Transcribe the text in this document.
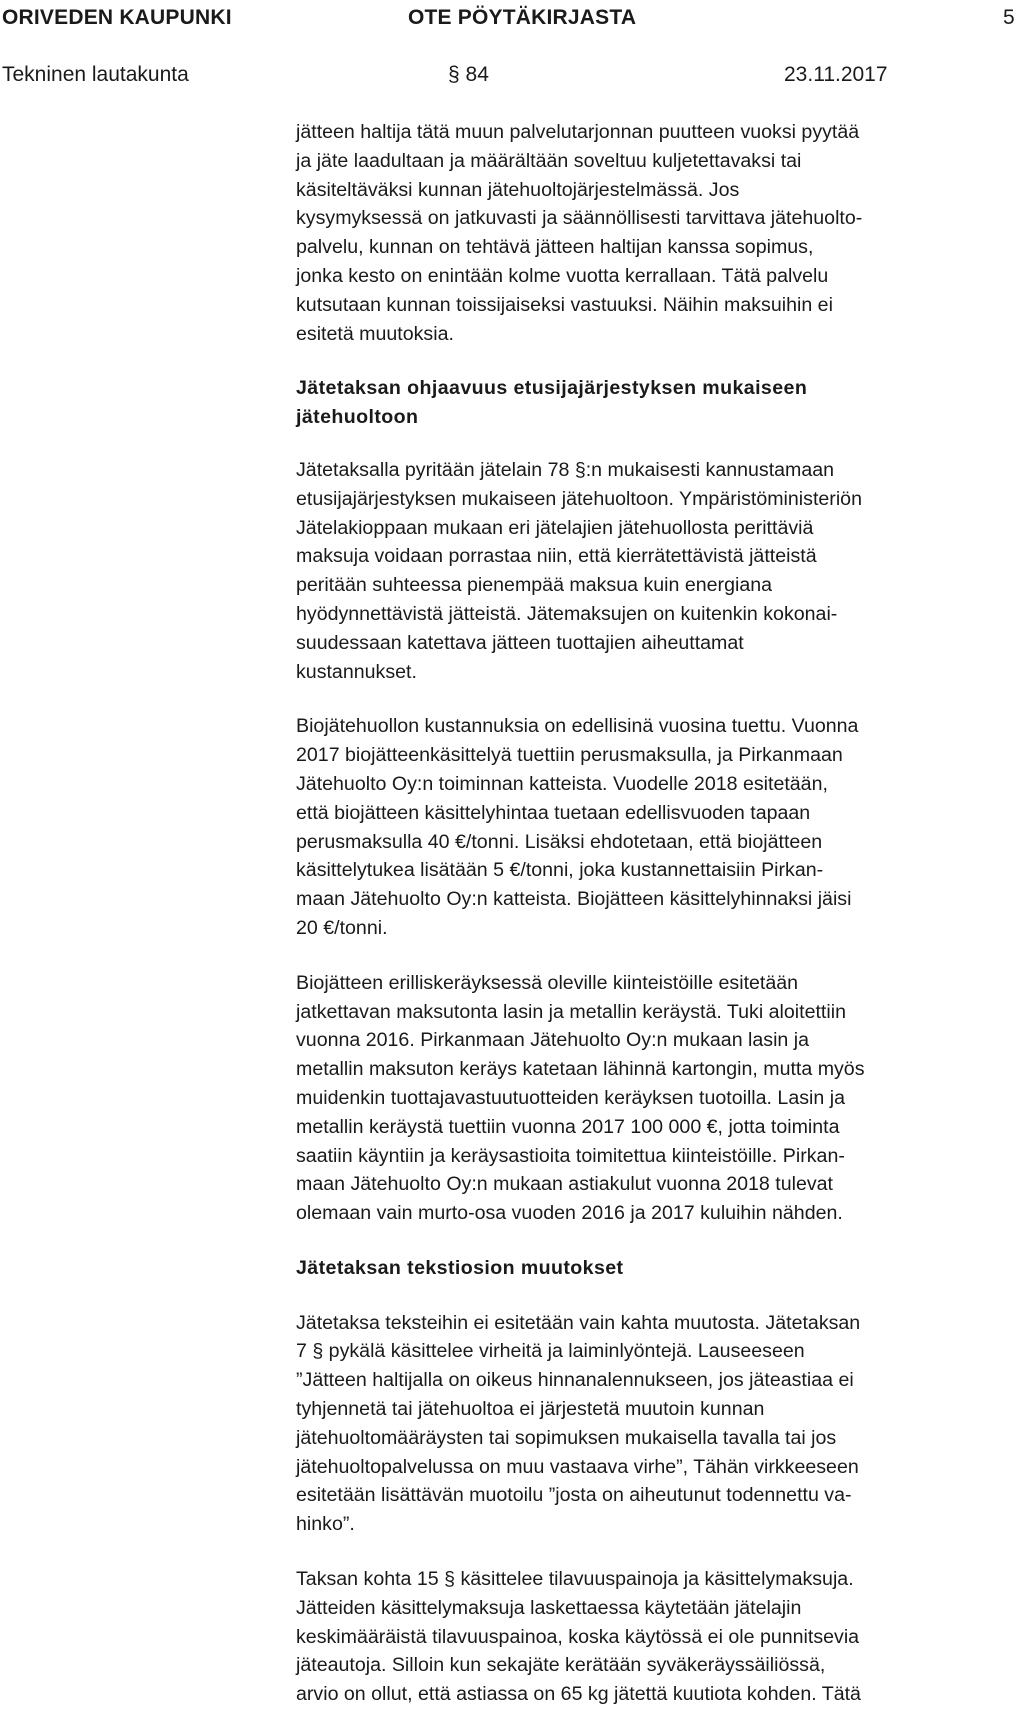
ORIVEDEN KAUPUNKI	OTE PÖYTÄKIRJASTA	5
Tekninen lautakunta	§ 84	23.11.2017

jätteen haltija tätä muun palvelutarjonnan puutteen vuoksi pyytää
ja jäte laadultaan ja määrältään soveltuu kuljetettavaksi tai
käsiteltäväksi kunnan jätehuoltojärjestelmässä. Jos
kysymyksessä on jatkuvasti ja säännöllisesti tarvittava jätehuolto-
palvelu, kunnan on tehtävä jätteen haltijan kanssa sopimus,
jonka kesto on enintään kolme vuotta kerrallaan. Tätä palvelu
kutsutaan kunnan toissijaiseksi vastuuksi. Näihin maksuihin ei
esitetä muutoksia.

Jätetaksan ohjaavuus etusijajärjestyksen mukaiseen
jätehuoltoon

Jätetaksalla pyritään jätelain 78 §:n mukaisesti kannustamaan
etusijajärjestyksen mukaiseen jätehuoltoon. Ympäristöministeriön
Jätelakioppaan mukaan eri jätelajien jätehuollosta perittäviä
maksuja voidaan porrastaa niin, että kierrätettävistä jätteistä
peritään suhteessa pienempää maksua kuin energiana
hyödynnettävistä jätteistä. Jätemaksujen on kuitenkin kokonai-
suudessaan katettava jätteen tuottajien aiheuttamat
kustannukset.

Biojätehuollon kustannuksia on edellisinä vuosina tuettu. Vuonna
2017 biojätteenkäsittelyä tuettiin perusmaksulla, ja Pirkanmaan
Jätehuolto Oy:n toiminnan katteista. Vuodelle 2018 esitetään,
että biojätteen käsittelyhintaa tuetaan edellisvuoden tapaan
perusmaksulla 40 €/tonni. Lisäksi ehdotetaan, että biojätteen
käsittelytukea lisätään 5 €/tonni, joka kustannettaisiin Pirkan-
maan Jätehuolto Oy:n katteista. Biojätteen käsittelyhinnaksi jäisi
20 €/tonni.

Biojätteen erilliskeräyksessä oleville kiinteistöille esitetään
jatkettavan maksutonta lasin ja metallin keräystä. Tuki aloitettiin
vuonna 2016. Pirkanmaan Jätehuolto Oy:n mukaan lasin ja
metallin maksuton keräys katetaan lähinnä kartongin, mutta myös
muidenkin tuottajavastuutuotteiden keräyksen tuotoilla. Lasin ja
metallin keräystä tuettiin vuonna 2017 100 000 €, jotta toiminta
saatiin käyntiin ja keräysastioita toimitettua kiinteistöille. Pirkan-
maan Jätehuolto Oy:n mukaan astiakulut vuonna 2018 tulevat
olemaan vain murto-osa vuoden 2016 ja 2017 kuluihin nähden.

Jätetaksan tekstiosion muutokset

Jätetaksa teksteihin ei esitetään vain kahta muutosta. Jätetaksan
7 § pykälä käsittelee virheitä ja laiminlyöntejä. Lauseeseen
”Jätteen haltijalla on oikeus hinnanalennukseen, jos jäteastiaa ei
tyhjennetä tai jätehuoltoa ei järjestetä muutoin kunnan
jätehuoltomääräysten tai sopimuksen mukaisella tavalla tai jos
jätehuoltopalvelussa on muu vastaava virhe”, Tähän virkkeeseen
esitetään lisättävän muotoilu ”josta on aiheutunut todennettu va-
hinko”.

Taksan kohta 15 § käsittelee tilavuuspainoja ja käsittelymaksuja.
Jätteiden käsittelymaksuja laskettaessa käytetään jätelajin
keskimääräistä tilavuuspainoa, koska käytössä ei ole punnitsevia
jäteautoja. Silloin kun sekajäte kerätään syväkeräyssäiliössä,
arvio on ollut, että astiassa on 65 kg jätettä kuutiota kohden. Tätä
